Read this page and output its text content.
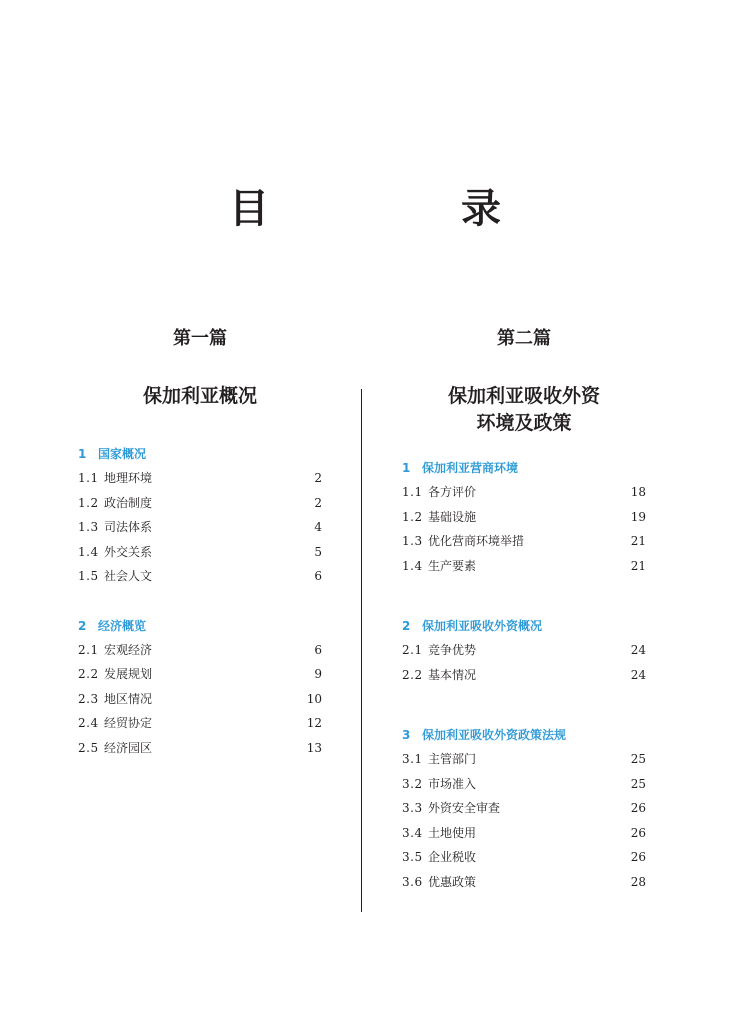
目　录
第一篇
保加利亚概况
1 国家概况
1.1 地理环境	2
1.2 政治制度	2
1.3 司法体系	4
1.4 外交关系	5
1.5 社会人文	6
2 经济概览
2.1 宏观经济	6
2.2 发展规划	9
2.3 地区情况	10
2.4 经贸协定	12
2.5 经济园区	13
第二篇
保加利亚吸收外资
环境及政策
1 保加利亚营商环境
1.1 各方评价	18
1.2 基础设施	19
1.3 优化营商环境举措	21
1.4 生产要素	21
2 保加利亚吸收外资概况
2.1 竞争优势	24
2.2 基本情况	24
3 保加利亚吸收外资政策法规
3.1 主管部门	25
3.2 市场准入	25
3.3 外资安全审查	26
3.4 土地使用	26
3.5 企业税收	26
3.6 优惠政策	28
